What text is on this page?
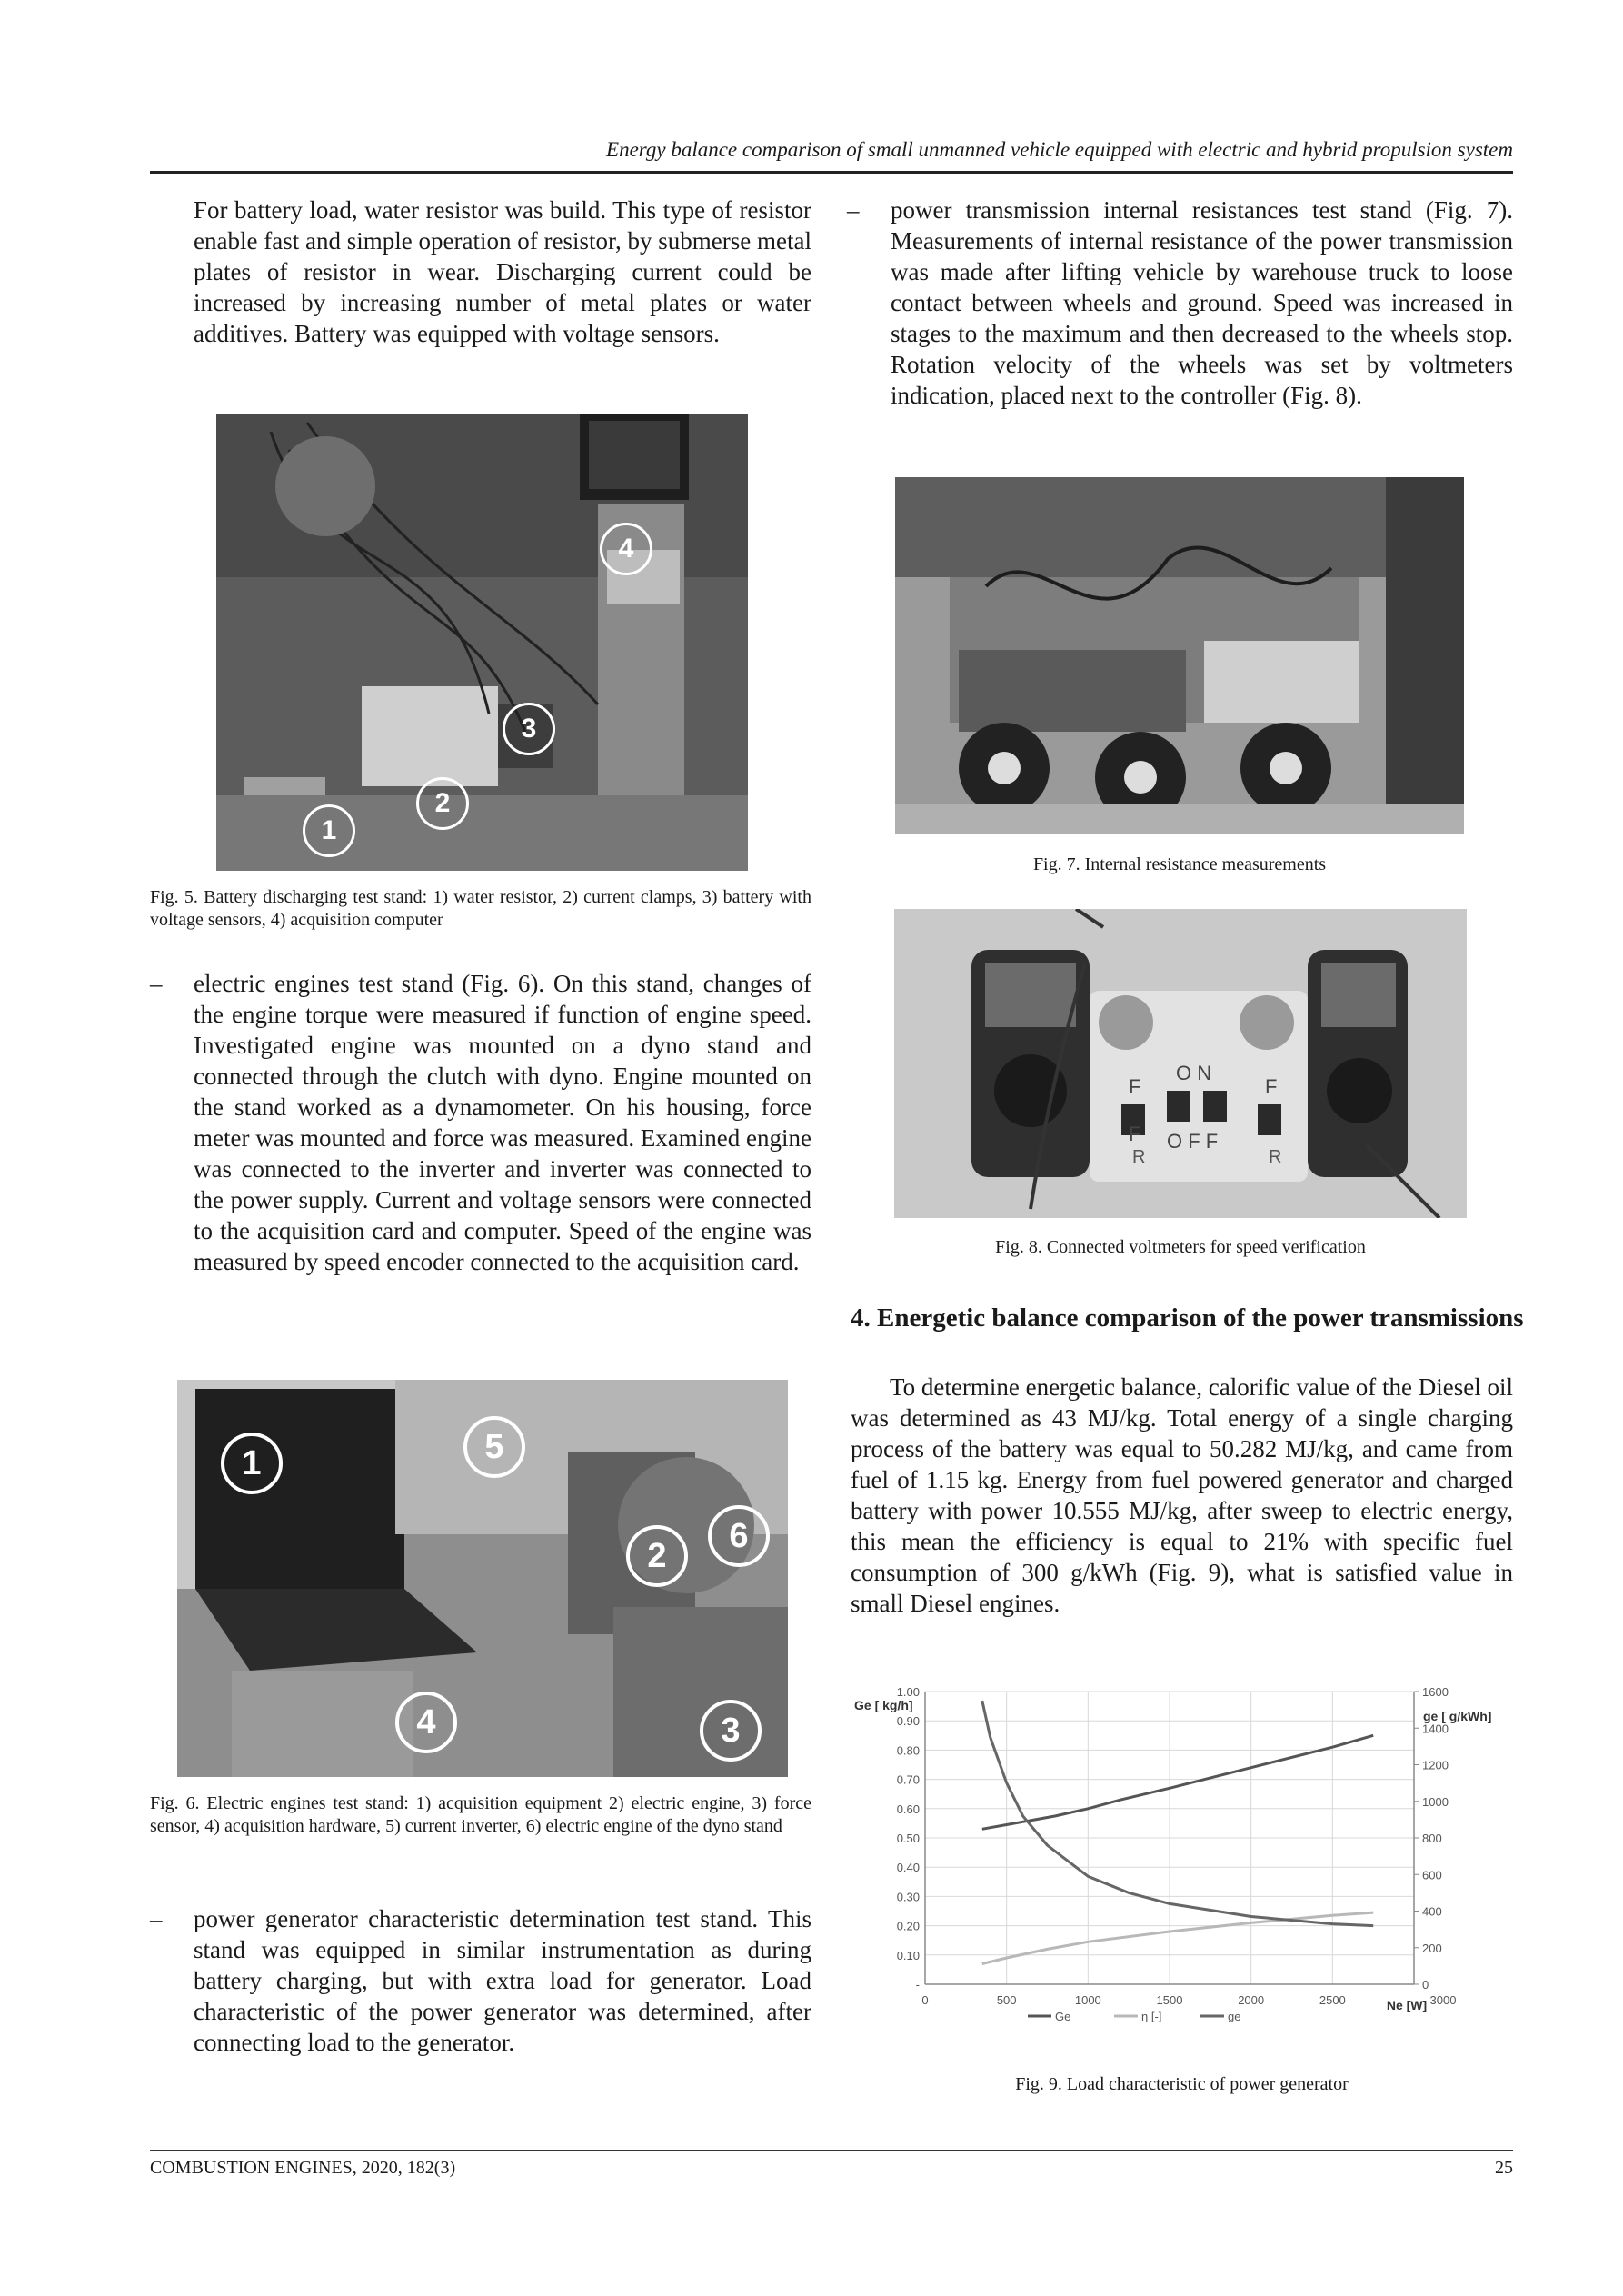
Energy balance comparison of small unmanned vehicle equipped with electric and hybrid propulsion system
For battery load, water resistor was build. This type of resistor enable fast and simple operation of resistor, by submerse metal plates of resistor in wear. Discharging current could be increased by increasing number of metal plates or water additives. Battery was equipped with voltage sensors.
1
2
3
4
Fig. 5. Battery discharging test stand: 1) water resistor, 2) current clamps, 3) battery with voltage sensors, 4) acquisition computer
– electric engines test stand (Fig. 6). On this stand, changes of the engine torque were measured if function of engine speed. Investigated engine was mounted on a dyno stand and connected through the clutch with dyno. Engine mounted on the stand worked as a dynamometer. On his housing, force meter was mounted and force was measured. Examined engine was connected to the inverter and inverter was connected to the power supply. Current and voltage sensors were connected to the acquisition card and computer. Speed of the engine was measured by speed encoder connected to the acquisition card.
1
2
3
4
5
6
Fig. 6. Electric engines test stand: 1) acquisition equipment 2) electric engine, 3) force sensor, 4) acquisition hardware, 5) current inverter, 6) electric engine of the dyno stand
– power generator characteristic determination test stand. This stand was equipped in similar instrumentation as during battery charging, but with extra load for generator. Load characteristic of the power generator was determined, after connecting load to the generator.
– power transmission internal resistances test stand (Fig. 7). Measurements of internal resistance of the power transmission was made after lifting vehicle by warehouse truck to loose contact between wheels and ground. Speed was increased in stages to the maximum and then decreased to the wheels stop. Rotation velocity of the wheels was set by voltmeters indication, placed next to the controller (Fig. 8).
Fig. 7. Internal resistance measurements
F
O N
F
O F F
F
R	R
Fig. 8. Connected voltmeters for speed verification
4. Energetic balance comparison of the power transmissions
To determine energetic balance, calorific value of the Diesel oil was determined as 43 MJ/kg. Total energy of a single charging process of the battery was equal to 50.282 MJ/kg, and came from fuel of 1.15 kg. Energy from fuel powered generator and charged battery with power 10.555 MJ/kg, after sweep to electric energy, this mean the efficiency is equal to 21% with specific fuel consumption of 300 g/kWh (Fig. 9), what is satisfied value in small Diesel engines.
-
0.10
0.20
0.30
0.40
0.50
0.60
0.70
0.80
0.90
1.00
0	500	1000	1500	2000	2500	3000
0
200
400
600
800
1000
1200
1400
1600
Ge [ kg/h]
ge [ g/kWh]
Ne [W]
Ge	η [-]	ge
Fig. 9. Load characteristic of power generator
COMBUSTION ENGINES, 2020, 182(3)	25
